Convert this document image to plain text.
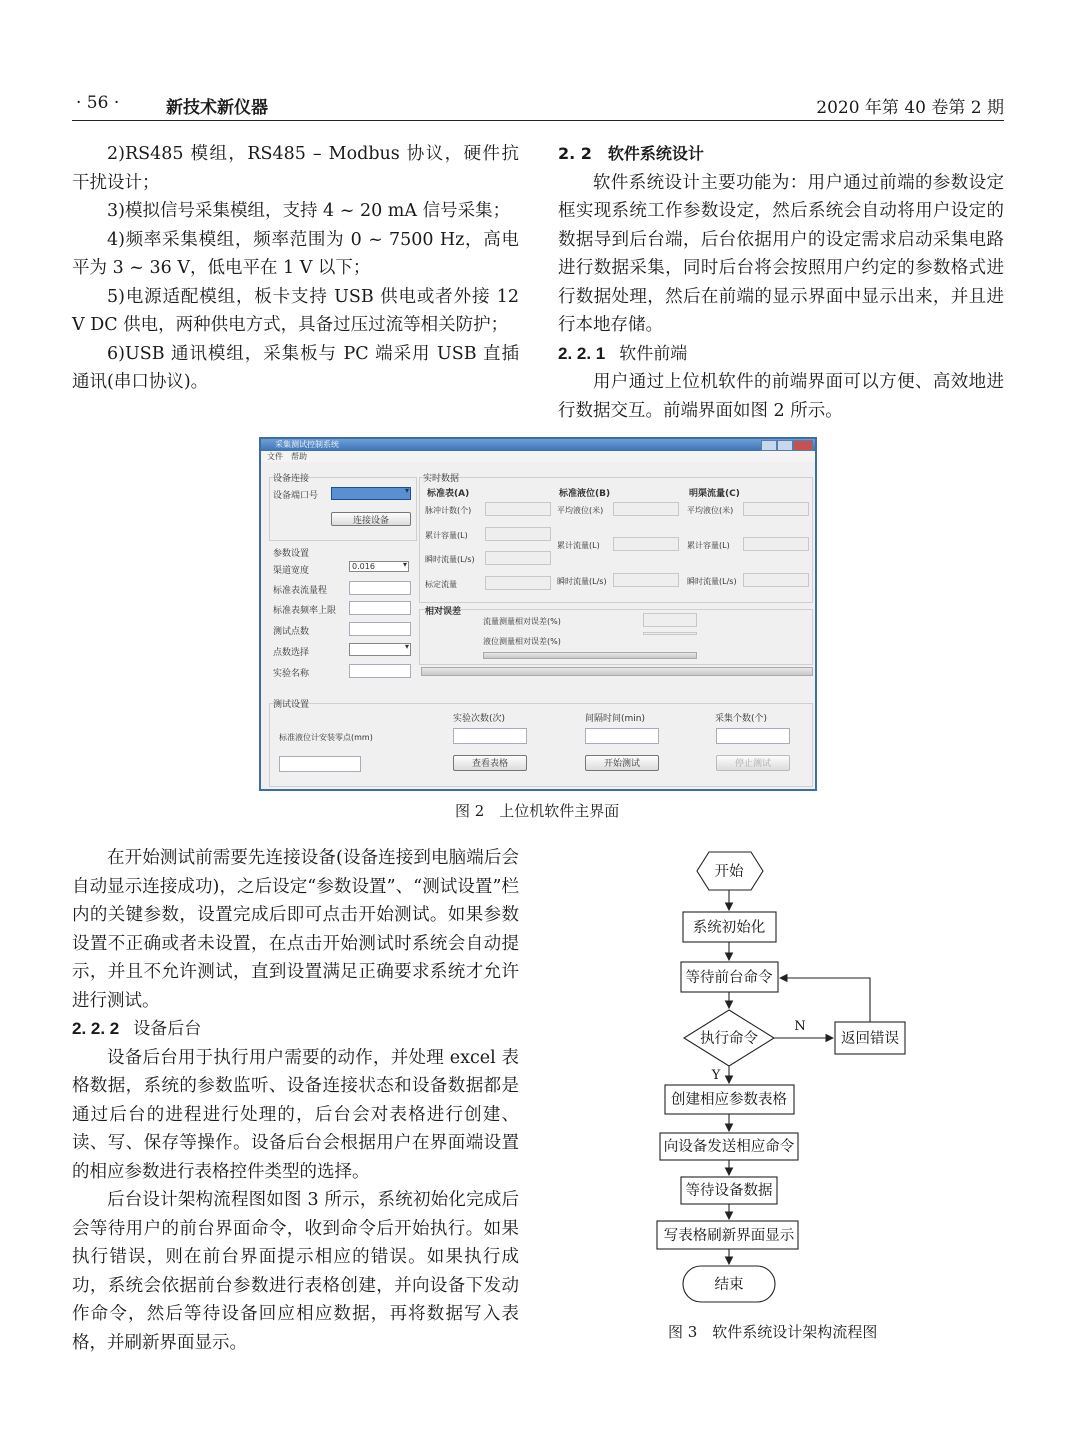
· 56 ·	新技术新仪器	2020 年第 40 卷第 2 期

2)RS485 模组，RS485 – Modbus 协议，硬件抗干扰设计；

3)模拟信号采集模组，支持 4 ~ 20 mA 信号采集；

4)频率采集模组，频率范围为 0 ~ 7500 Hz，高电平为 3 ~ 36 V，低电平在 1 V 以下；

5)电源适配模组，板卡支持 USB 供电或者外接 12 V DC 供电，两种供电方式，具备过压过流等相关防护；

6)USB 通讯模组，采集板与 PC 端采用 USB 直插通讯(串口协议)。

2. 2　软件系统设计

软件系统设计主要功能为：用户通过前端的参数设定框实现系统工作参数设定，然后系统会自动将用户设定的数据导到后台端，后台依据用户的设定需求启动采集电路进行数据采集，同时后台将会按照用户约定的参数格式进行数据处理，然后在前端的显示界面中显示出来，并且进行本地存储。

2. 2. 1 软件前端

用户通过上位机软件的前端界面可以方便、高效地进行数据交互。前端界面如图 2 所示。

采集测试控制系统
文件 帮助
设备连接
设备端口号
▾
连接设备
参数设置
渠道宽度	0.016 ▾
标准表流量程
标准表频率上限
测试点数
点数选择
▾
实验名称
实时数据
标准表(A)	标准液位(B)	明渠流量(C)
脉冲计数(个)
累计容量(L)
瞬时流量(L/s)
标定流量
平均液位(米)
累计流量(L)
瞬时流量(L/s)
平均液位(米)
累计容量(L)
瞬时流量(L/s)
相对误差
流量测量相对误差(%)
液位测量相对误差(%)
测试设置
实验次数(次)	间隔时间(min)	采集个数(个)
标准液位计安装零点(mm)
查看表格	开始测试	停止测试
图 2　上位机软件主界面

在开始测试前需要先连接设备(设备连接到电脑端后会自动显示连接成功)，之后设定“参数设置”、“测试设置”栏内的关键参数，设置完成后即可点击开始测试。如果参数设置不正确或者未设置，在点击开始测试时系统会自动提示，并且不允许测试，直到设置满足正确要求系统才允许进行测试。

2. 2. 2 设备后台

设备后台用于执行用户需要的动作，并处理 excel 表格数据，系统的参数监听、设备连接状态和设备数据都是通过后台的进程进行处理的，后台会对表格进行创建、读、写、保存等操作。设备后台会根据用户在界面端设置的相应参数进行表格控件类型的选择。

后台设计架构流程图如图 3 所示，系统初始化完成后会等待用户的前台界面命令，收到命令后开始执行。如果执行错误，则在前台界面提示相应的错误。如果执行成功，系统会依据前台参数进行表格创建，并向设备下发动作命令，然后等待设备回应相应数据，再将数据写入表格，并刷新界面显示。

开始
系统初始化
等待前台命令
执行命令
N
Y
返回错误
创建相应参数表格
向设备发送相应命令
等待设备数据
写表格刷新界面显示
结束
图 3　软件系统设计架构流程图
